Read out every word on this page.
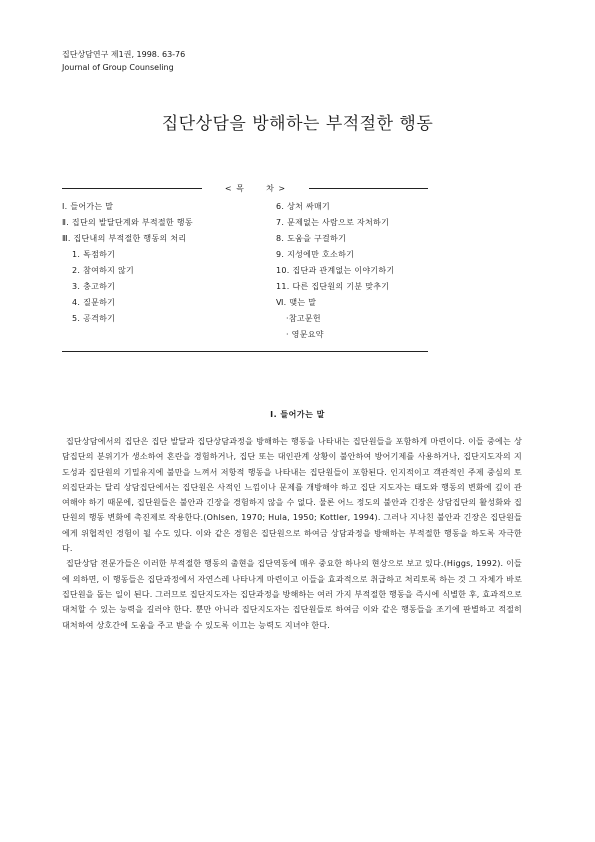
집단상담연구 제1권, 1998. 63-76
Journal of Group Counseling
집단상담을 방해하는 부적절한 행동
< 목      차 >
Ⅰ. 들어가는 말
Ⅱ. 집단의 발달단계와 부적절한 행동
Ⅲ. 집단내의 부적절한 행동의 처리
1. 독점하기
2. 참여하지 않기
3. 충고하기
4. 질문하기
5. 공격하기
6. 상처 싸매기
7. 문제없는 사람으로 자처하기
8. 도움을 구걸하기
9. 지성에만 호소하기
10. 집단과 관계없는 이야기하기
11. 다른 집단원의 기분 맞추기
Ⅵ. 맺는 말
·참고문헌
· 영문요약
Ⅰ. 들어가는 말

집단상담에서의 집단은 집단 발달과 집단상담과정을 방해하는 행동을 나타내는 집단원들을 포함하게 마련이다. 이들 중에는 상담집단의 분위기가 생소하여 혼란을 경험하거나, 집단 또는 대인관계 상황이 불안하여 방어기제를 사용하거나, 집단지도자의 지도성과 집단원의 기밀유지에 불만을 느껴서 저항적 행동을 나타내는 집단원들이 포함된다. 인지적이고 객관적인 주제 중심의 토의집단과는 달리 상담집단에서는 집단원은 사적인 느낌이나 문제를 개방해야 하고 집단 지도자는 태도와 행동의 변화에 깊이 관여해야 하기 때문에, 집단원들은 불안과 긴장을 경험하지 않을 수 없다. 물론 어느 정도의 불안과 긴장은 상담집단의 활성화와 집단원의 행동 변화에 촉진제로 작용한다.(Ohlsen, 1970; Hula, 1950; Kottler, 1994). 그러나 지나친 불안과 긴장은 집단원들에게 위협적인 경험이 될 수도 있다. 이와 같은 경험은 집단원으로 하여금 상담과정을 방해하는 부적절한 행동을 하도록 자극한다.

집단상담 전문가들은 이러한 부적절한 행동의 출현을 집단역동에 매우 중요한 하나의 현상으로 보고 있다.(Higgs, 1992). 이들에 의하면, 이 행동들은 집단과정에서 자연스레 나타나게 마련이고 이들을 효과적으로 취급하고 처리토록 하는 것 그 자체가 바로 집단원을 돕는 일이 된다. 그러므로 집단지도자는 집단과정을 방해하는 여러 가지 부적절한 행동을 즉시에 식별한 후, 효과적으로 대처할 수 있는 능력을 길러야 한다. 뿐만 아니라 집단지도자는 집단원들로 하여금 이와 같은 행동들을 조기에 판별하고 적절히 대처하여 상호간에 도움을 주고 받을 수 있도록 이끄는 능력도 지녀야 한다.
